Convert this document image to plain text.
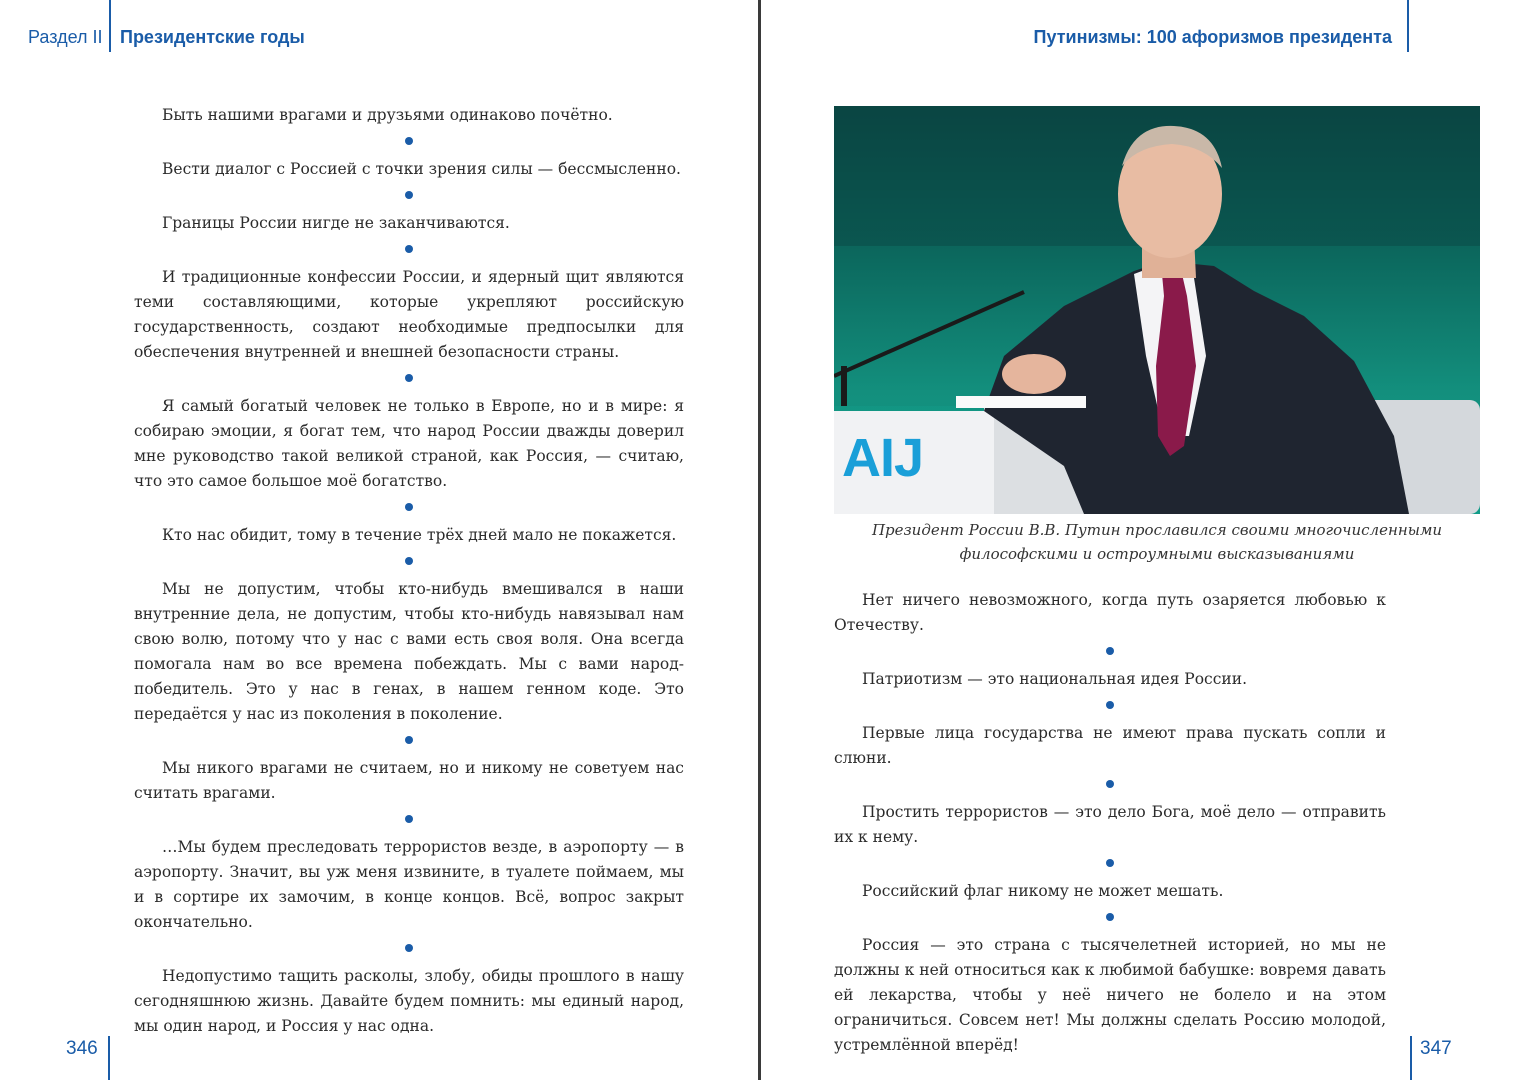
Раздел II Президентские годы

Быть нашими врагами и друзьями одинаково почётно.

Вести диалог с Россией с точки зрения силы — бессмысленно.

Границы России нигде не заканчиваются.

И традиционные конфессии России, и ядерный щит являются теми составляющими, которые укрепляют российскую государственность, создают необходимые предпосылки для обеспечения внутренней и внешней безопасности страны.

Я самый богатый человек не только в Европе, но и в мире: я собираю эмоции, я богат тем, что народ России дважды доверил мне руководство такой великой страной, как Россия, — считаю, что это самое большое моё богатство.

Кто нас обидит, тому в течение трёх дней мало не покажется.

Мы не допустим, чтобы кто-нибудь вмешивался в наши внутренние дела, не допустим, чтобы кто-нибудь навязывал нам свою волю, потому что у нас с вами есть своя воля. Она всегда помогала нам во все времена побеждать. Мы с вами народ-победитель. Это у нас в генах, в нашем генном коде. Это передаётся у нас из поколения в поколение.

Мы никого врагами не считаем, но и никому не советуем нас считать врагами.

…Мы будем преследовать террористов везде, в аэропорту — в аэропорту. Значит, вы уж меня извините, в туалете поймаем, мы и в сортире их замочим, в конце концов. Всё, вопрос закрыт окончательно.

Недопустимо тащить расколы, злобу, обиды прошлого в нашу сегодняшнюю жизнь. Давайте будем помнить: мы единый народ, мы один народ, и Россия у нас одна.

346
Путинизмы: 100 афоризмов президента
AIJ
Президент России В.В. Путин прославился своими многочисленными
философскими и остроумными высказываниями

Нет ничего невозможного, когда путь озаряется любовью к Отечеству.

Патриотизм — это национальная идея России.

Первые лица государства не имеют права пускать сопли и слюни.

Простить террористов — это дело Бога, моё дело — отправить их к нему.

Российский флаг никому не может мешать.

Россия — это страна с тысячелетней историей, но мы не должны к ней относиться как к любимой бабушке: вовремя давать ей лекарства, чтобы у неё ничего не болело и на этом ограничиться. Совсем нет! Мы должны сделать Россию молодой, устремлённой вперёд!	347
